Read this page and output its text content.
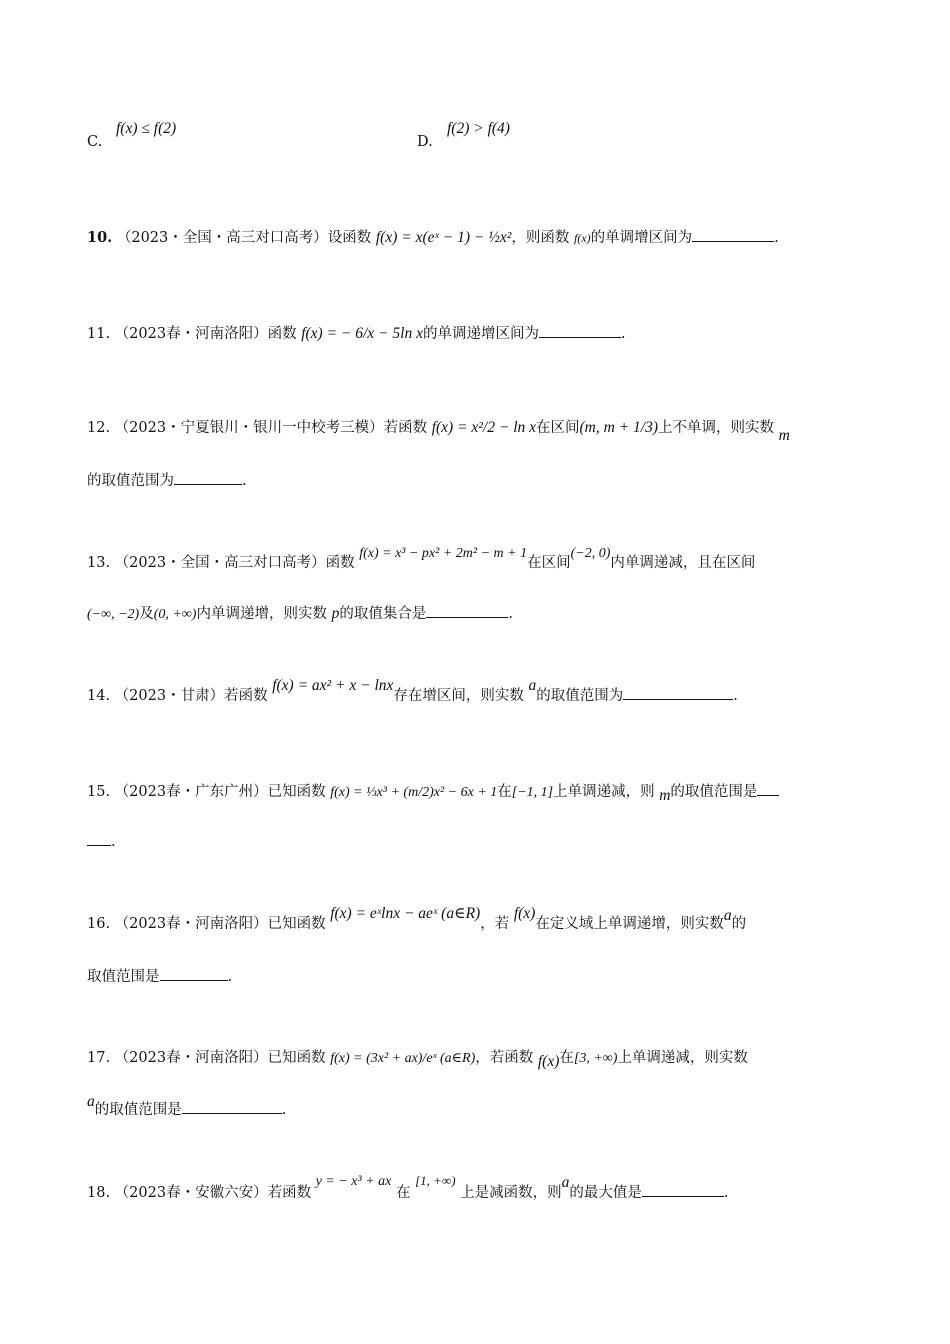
C.
f(x) ≤ f(2)
D.
f(2) > f(4)
10. （2023・全国・高三对口高考）设函数 f(x) = x(eˣ − 1) − ½x²，则函数 f(x)的单调增区间为	.
11. （2023春・河南洛阳）函数 f(x) = − 6/x − 5ln x的单调递增区间为	.
12. （2023・宁夏银川・银川一中校考三模）若函数 f(x) = x²/2 − ln x在区间(m, m + 1/3)上不单调，则实数 m
的取值范围为	.
13. （2023・全国・高三对口高考）函数 f(x) = x³ − px² + 2m² − m + 1在区间(−2, 0)内单调递减，且在区间
(−∞, −2)及(0, +∞)内单调递增，则实数 p的取值集合是	.
14. （2023・甘肃）若函数 f(x) = ax² + x − lnx存在增区间，则实数 a的取值范围为	.
15. （2023春・广东广州）已知函数 f(x) = ⅓x³ + (m/2)x² − 6x + 1在[−1, 1]上单调递减，则 m的取值范围是
.
16. （2023春・河南洛阳）已知函数 f(x) = eˣlnx − aeˣ (a∈R)，若 f(x)在定义域上单调递增，则实数a的
取值范围是	.
17. （2023春・河南洛阳）已知函数 f(x) = (3x² + ax)/eˣ (a∈R)，若函数 f(x)在[3, +∞)上单调递减，则实数
a的取值范围是	.
18. （2023春・安徽六安）若函数 y = − x³ + ax 在 [1, +∞) 上是减函数，则a的最大值是	.
